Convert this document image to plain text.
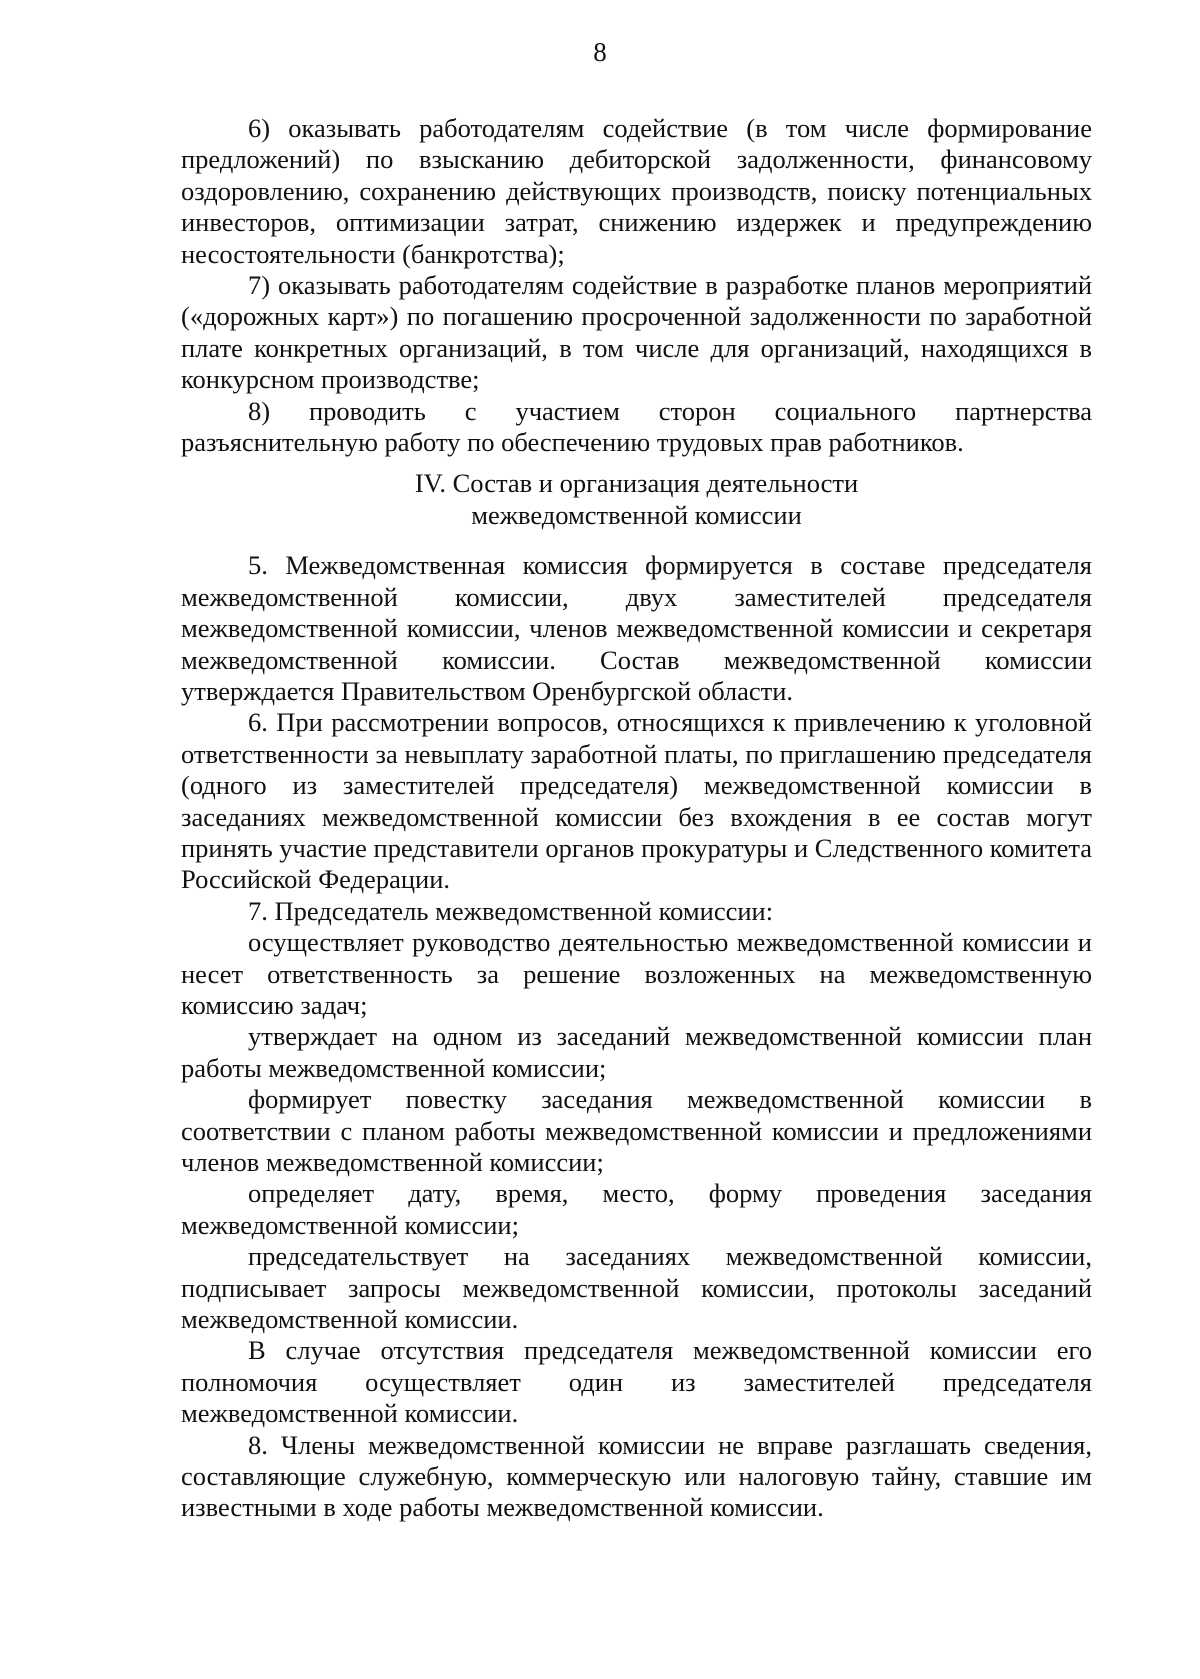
8

6) оказывать работодателям содействие (в том числе формирование предложений) по взысканию дебиторской задолженности, финансовому оздоровлению, сохранению действующих производств, поиску потенциальных инвесторов, оптимизации затрат, снижению издержек и предупреждению несостоятельности (банкротства);

7) оказывать работодателям содействие в разработке планов мероприятий («дорожных карт») по погашению просроченной задолженности по заработной плате конкретных организаций, в том числе для организаций, находящихся в конкурсном производстве;

8) проводить с участием сторон социального партнерства разъяснительную работу по обеспечению трудовых прав работников.

IV. Состав и организация деятельности
межведомственной комиссии

5. Межведомственная комиссия формируется в составе председателя межведомственной комиссии, двух заместителей председателя межведомственной комиссии, членов межведомственной комиссии и секретаря межведомственной комиссии. Состав межведомственной комиссии утверждается Правительством Оренбургской области.

6. При рассмотрении вопросов, относящихся к привлечению к уголовной ответственности за невыплату заработной платы, по приглашению председателя (одного из заместителей председателя) межведомственной комиссии в заседаниях межведомственной комиссии без вхождения в ее состав могут принять участие представители органов прокуратуры и Следственного комитета Российской Федерации.

7. Председатель межведомственной комиссии:

осуществляет руководство деятельностью межведомственной комиссии и несет ответственность за решение возложенных на межведомственную комиссию задач;

утверждает на одном из заседаний межведомственной комиссии план работы межведомственной комиссии;

формирует повестку заседания межведомственной комиссии в соответствии с планом работы межведомственной комиссии и предложениями членов межведомственной комиссии;

определяет дату, время, место, форму проведения заседания межведомственной комиссии;

председательствует на заседаниях межведомственной комиссии, подписывает запросы межведомственной комиссии, протоколы заседаний межведомственной комиссии.

В случае отсутствия председателя межведомственной комиссии его полномочия осуществляет один из заместителей председателя межведомственной комиссии.

8. Члены межведомственной комиссии не вправе разглашать сведения, составляющие служебную, коммерческую или налоговую тайну, ставшие им известными в ходе работы межведомственной комиссии.
